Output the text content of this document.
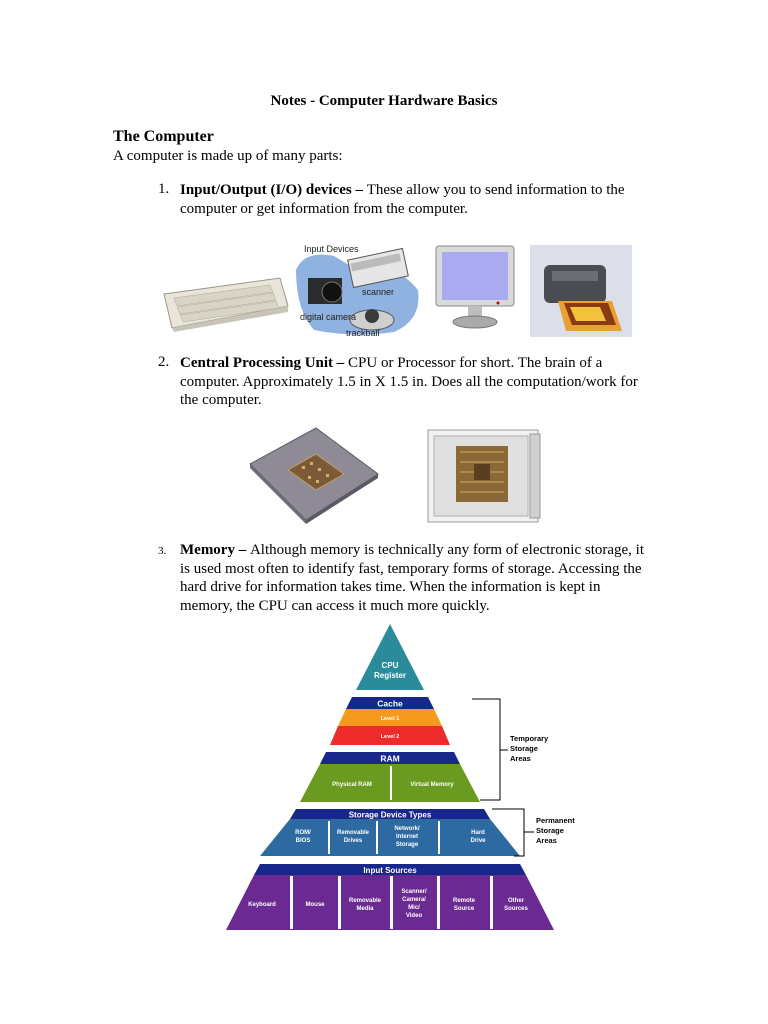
Notes - Computer Hardware Basics
The Computer
A computer is made up of many parts:
1. Input/Output (I/O) devices – These allow you to send information to the
computer or get information from the computer.
Input Devices
scanner
digital camera
trackball
2. Central Processing Unit – CPU or Processor for short. The brain of a
computer. Approximately 1.5 in X 1.5 in. Does all the computation/work for
the computer.
3. Memory – Although memory is technically any form of electronic storage, it
is used most often to identify fast, temporary forms of storage. Accessing the
hard drive for information takes time. When the information is kept in
memory, the CPU can access it much more quickly.
CPU
Register
Cache
Level 1
Level 2
RAM
Physical RAM	Virtual Memory
Storage Device Types
ROM/
BIOS
Removable
Drives
Network/
Internet
Storage
Hard
Drive
Input Sources
Keyboard	Mouse
Removable
Media
Scanner/
Camera/
Mic/
Video
Remote
Source
Other
Sources
Temporary
Storage
Areas
Permanent
Storage
Areas
